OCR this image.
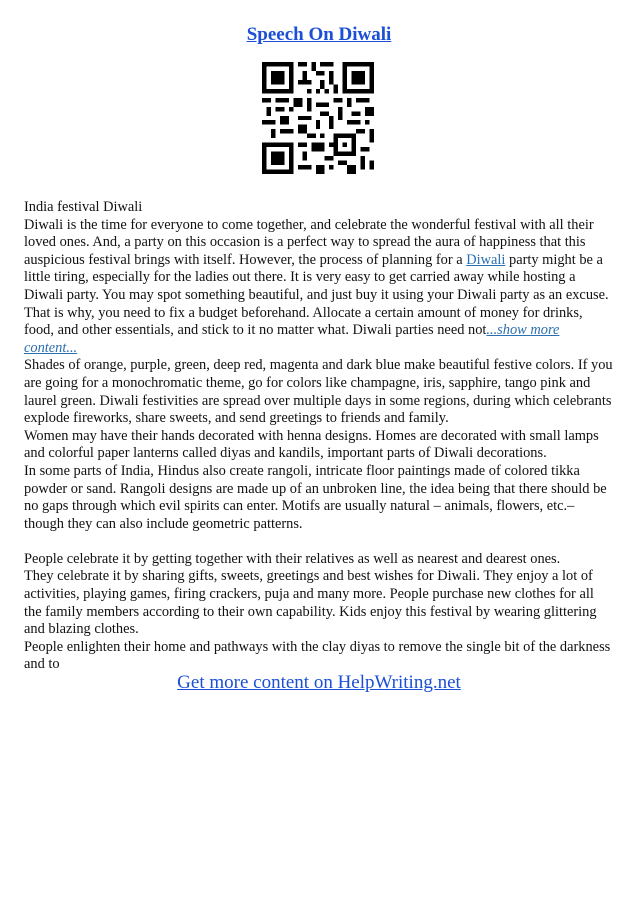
Speech On Diwali

India festival Diwali

Diwali is the time for everyone to come together, and celebrate the wonderful festival with all their loved ones. And, a party on this occasion is a perfect way to spread the aura of happiness that this auspicious festival brings with itself. However, the process of planning for a Diwali party might be a little tiring, especially for the ladies out there. It is very easy to get carried away while hosting a Diwali party. You may spot something beautiful, and just buy it using your Diwali party as an excuse. That is why, you need to fix a budget beforehand. Allocate a certain amount of money for drinks, food, and other essentials, and stick to it no matter what. Diwali parties need not...show more content...

Shades of orange, purple, green, deep red, magenta and dark blue make beautiful festive colors. If you are going for a monochromatic theme, go for colors like champagne, iris, sapphire, tango pink and laurel green. Diwali festivities are spread over multiple days in some regions, during which celebrants explode fireworks, share sweets, and send greetings to friends and family.

Women may have their hands decorated with henna designs. Homes are decorated with small lamps and colorful paper lanterns called diyas and kandils, important parts of Diwali decorations.

In some parts of India, Hindus also create rangoli, intricate floor paintings made of colored tikka powder or sand. Rangoli designs are made up of an unbroken line, the idea being that there should be no gaps through which evil spirits can enter. Motifs are usually natural – animals, flowers, etc.– though they can also include geometric patterns.

People celebrate it by getting together with their relatives as well as nearest and dearest ones.

They celebrate it by sharing gifts, sweets, greetings and best wishes for Diwali. They enjoy a lot of activities, playing games, firing crackers, puja and many more. People purchase new clothes for all the family members according to their own capability. Kids enjoy this festival by wearing glittering and blazing clothes.

People enlighten their home and pathways with the clay diyas to remove the single bit of the darkness and to

Get more content on HelpWriting.net
